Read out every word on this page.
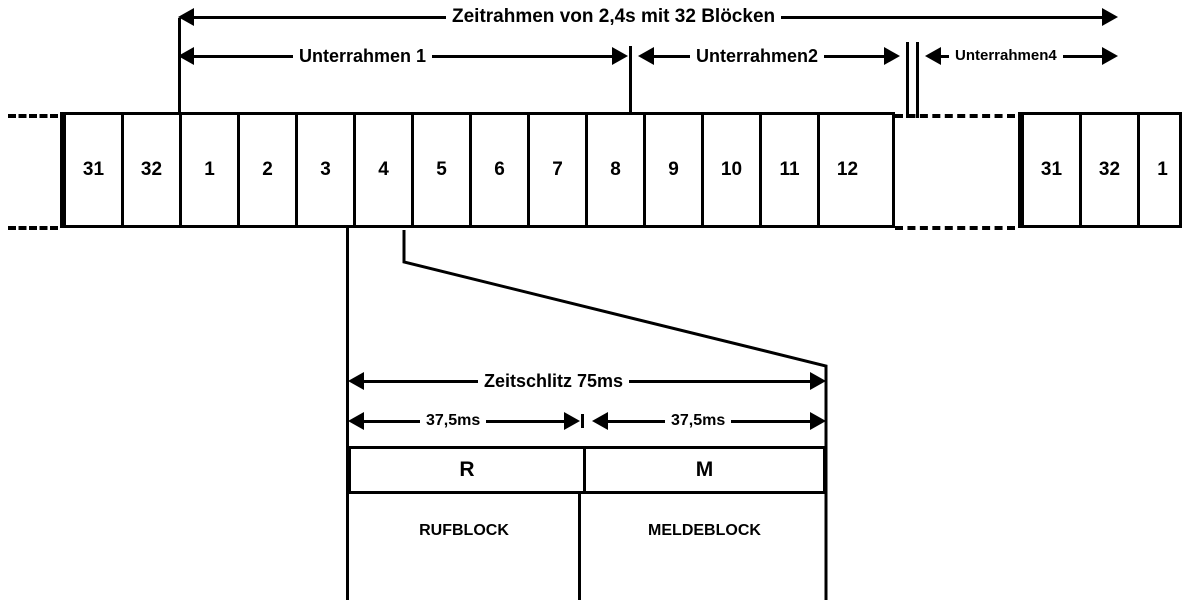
Zeitrahmen von 2,4s mit 32 Blöcken
Unterrahmen 1	Unterrahmen2	Unterrahmen4
31	32	1	2	3	4	5	6	7	8	9	10	11	12	31	32	1
Zeitschlitz 75ms
37,5ms	37,5ms
R	M
RUFBLOCK	MELDEBLOCK
